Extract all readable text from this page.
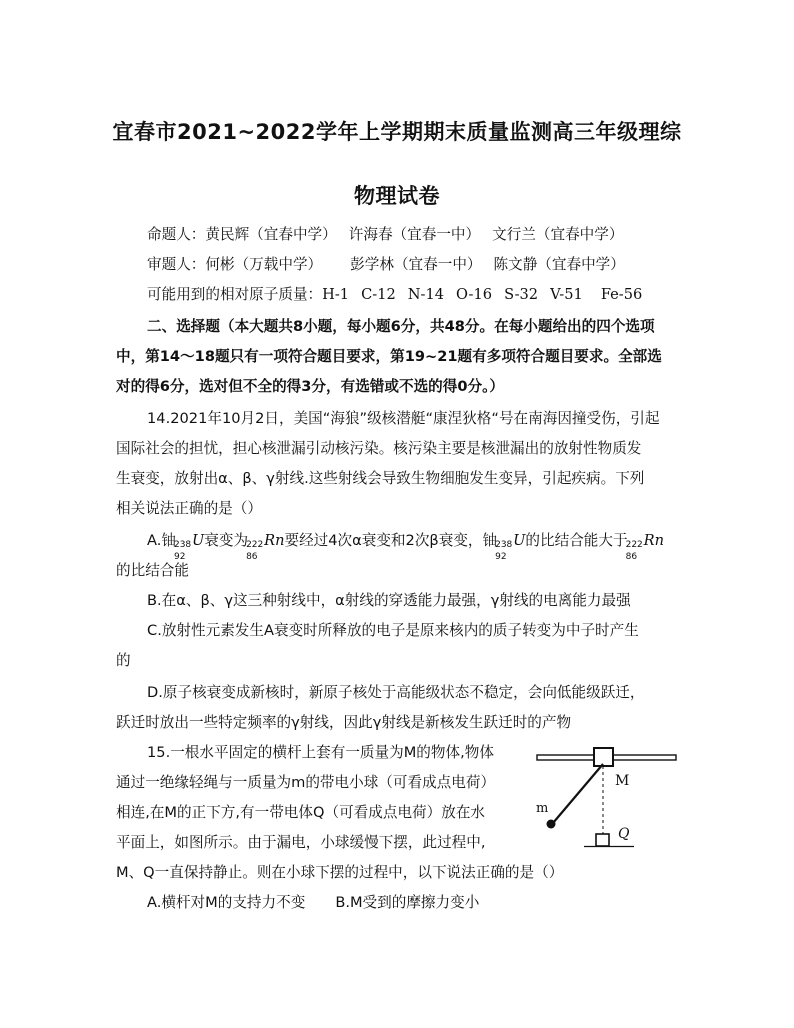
宜春市2021~2022学年上学期期末质量监测高三年级理综
物理试卷
命题人：黄民辉（宜春中学） 许海春（宜春一中） 文行兰（宜春中学）
审题人：何彬（万载中学） 彭学林（宜春一中） 陈文静（宜春中学）
可能用到的相对原子质量：H-1 C-12 N-14 O-16 S-32 V-51 Fe-56
二、选择题（本大题共8小题，每小题6分，共48分。在每小题给出的四个选项
中，第14～18题只有一项符合题目要求，第19~21题有多项符合题目要求。全部选
对的得6分，选对但不全的得3分，有选错或不选的得0分。）
14.2021年10月2日，美国“海狼”级核潜艇“康涅狄格“号在南海因撞受伤，引起
国际社会的担忧，担心核泄漏引动核污染。核污染主要是核泄漏出的放射性物质发
生衰变，放射出α、β、γ射线.这些射线会导致生物细胞发生变异，引起疾病。下列
相关说法正确的是（）
A.铀
238
92
U衰变为
222
86
Rn要经过4次α衰变和2次β衰变，铀
238
92
U的比结合能大于
222
86
Rn
的比结合能
B.在α、β、γ这三种射线中，α射线的穿透能力最强，γ射线的电离能力最强
C.放射性元素发生A衰变时所释放的电子是原来核内的质子转变为中子时产生
的
D.原子核衰变成新核时，新原子核处于高能级状态不稳定，会向低能级跃迁，
跃迁时放出一些特定频率的γ射线，因此γ射线是新核发生跃迁时的产物
15.一根水平固定的横杆上套有一质量为M的物体,物体
通过一绝缘轻绳与一质量为m的带电小球（可看成点电荷）
相连,在M的正下方,有一带电体Q（可看成点电荷）放在水
平面上，如图所示。由于漏电，小球缓慢下摆，此过程中,
M、Q一直保持静止。则在小球下摆的过程中，以下说法正确的是（）
A.横杆对M的支持力不变 B.M受到的摩擦力变小
M
m
Q
